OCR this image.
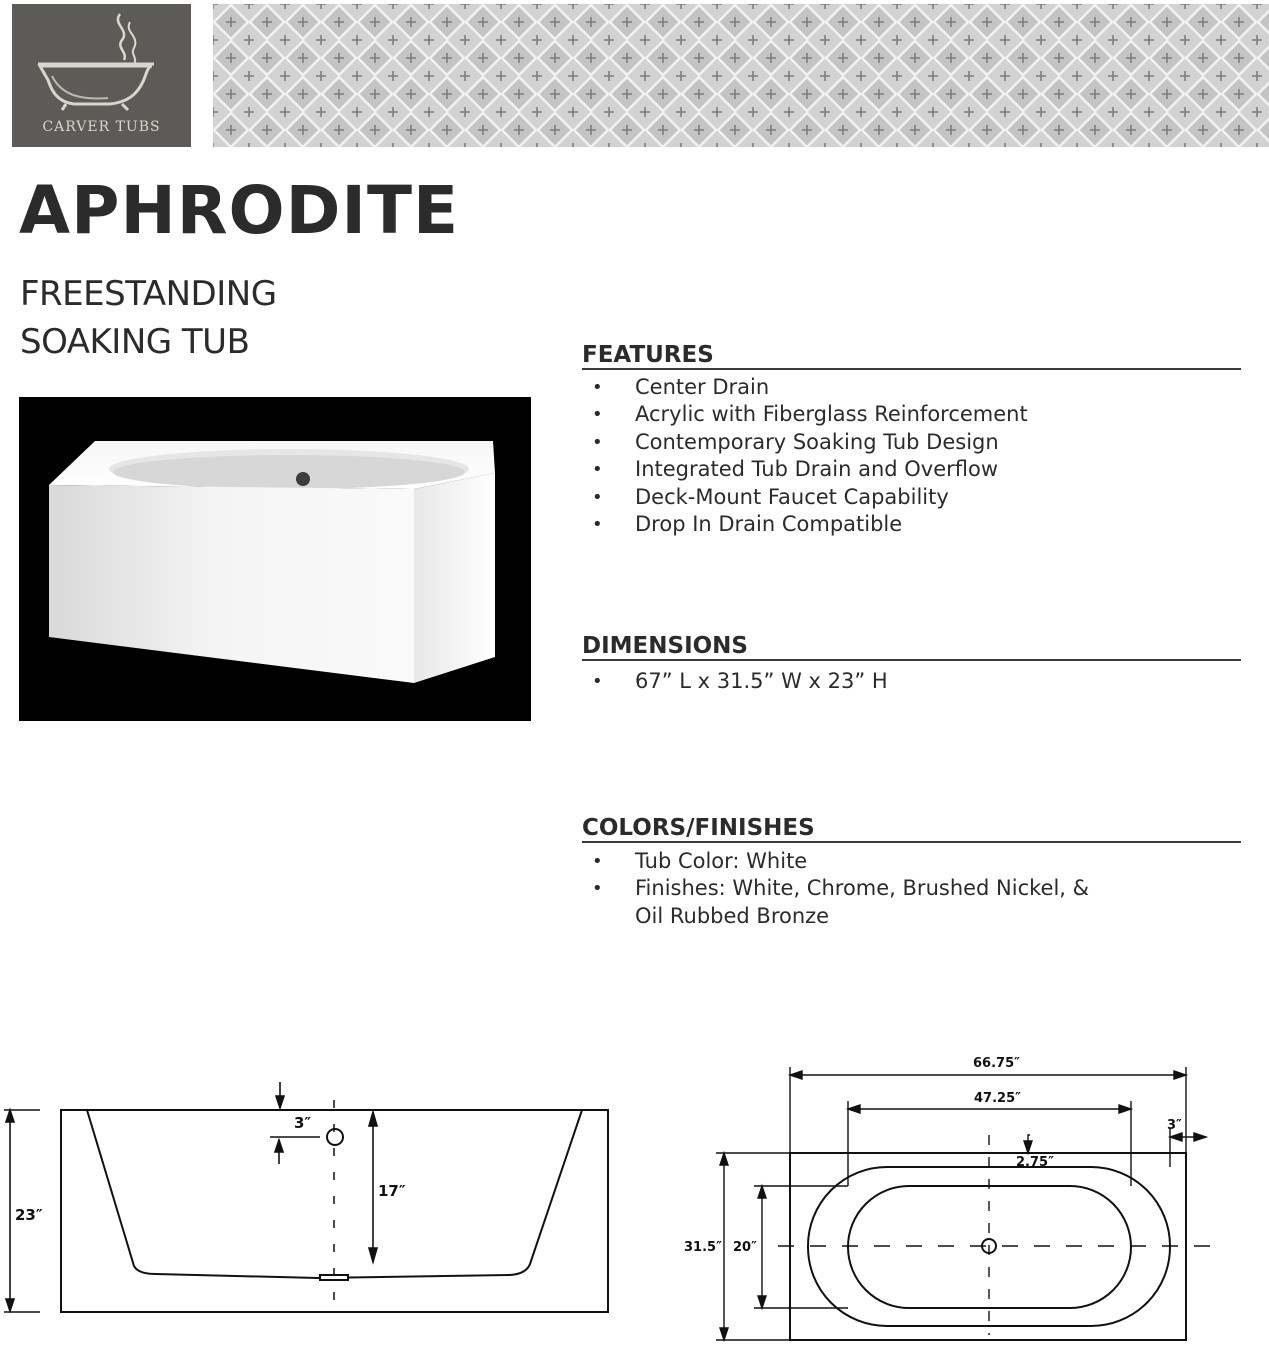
CARVER TUBS
APHRODITE
FREESTANDING
SOAKING TUB	FEATURES
• Center Drain
• Acrylic with Fiberglass Reinforcement
• Contemporary Soaking Tub Design
• Integrated Tub Drain and Overflow
• Deck-Mount Faucet Capability
• Drop In Drain Compatible
DIMENSIONS
• 67” L x 31.5” W x 23” H
COLORS/FINISHES
• Tub Color: White
• Finishes: White, Chrome, Brushed Nickel, &
Oil Rubbed Bronze
23″
3″
17″
66.75″
47.25″
3″
2.75″
31.5″ 20″
